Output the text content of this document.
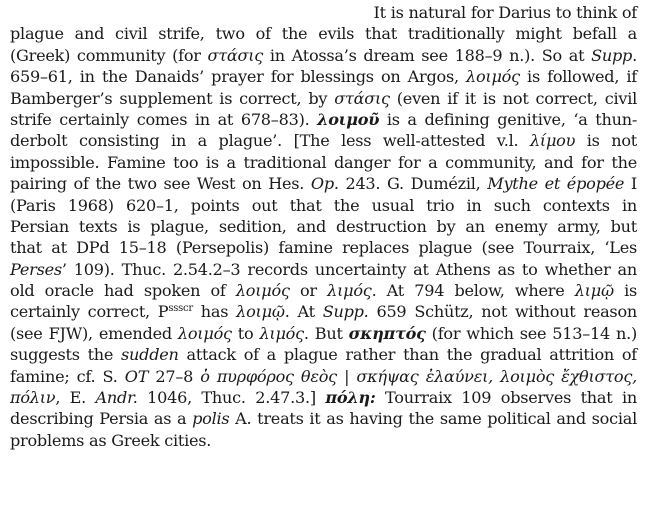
It is natural for Darius to think of
plague and civil strife, two of the evils that traditionally might befall a
(Greek) community (for στάσις in Atossa’s dream see 188–9 n.). So at Supp.
659–61, in the Danaids’ prayer for blessings on Argos, λοιμός is followed, if
Bamberger’s supplement is correct, by στάσις (even if it is not correct, civil
strife certainly comes in at 678–83). λοιμοῦ is a defining genitive, ‘a thun-
derbolt consisting in a plague’. [The less well-attested v.l. λίμου is not
impossible. Famine too is a traditional danger for a community, and for the
pairing of the two see West on Hes. Op. 243. G. Dumézil, Mythe et épopée I
(Paris 1968) 620–1, points out that the usual trio in such contexts in
Persian texts is plague, sedition, and destruction by an enemy army, but
that at DPd 15–18 (Persepolis) famine replaces plague (see Tourraix, ‘Les
Perses’ 109). Thuc. 2.54.2–3 records uncertainty at Athens as to whether an
old oracle had spoken of λοιμός or λιμός. At 794 below, where λιμῷ is
certainly correct, $P^{ssscr}$ has λοιμῷ. At Supp. 659 Schütz, not without reason
(see FJW), emended λοιμός to λιμός. But σκηπτός (for which see 513–14 n.)
suggests the sudden attack of a plague rather than the gradual attrition of
famine; cf. S. OT 27–8 ὁ πυρφόρος θεὸς | σκήψας ἐλαύνει, λοιμὸς ἔχθιστος,
πόλιν, E. Andr. 1046, Thuc. 2.47.3.] πόλη: Tourraix 109 observes that in
describing Persia as a polis A. treats it as having the same political and social
problems as Greek cities.
